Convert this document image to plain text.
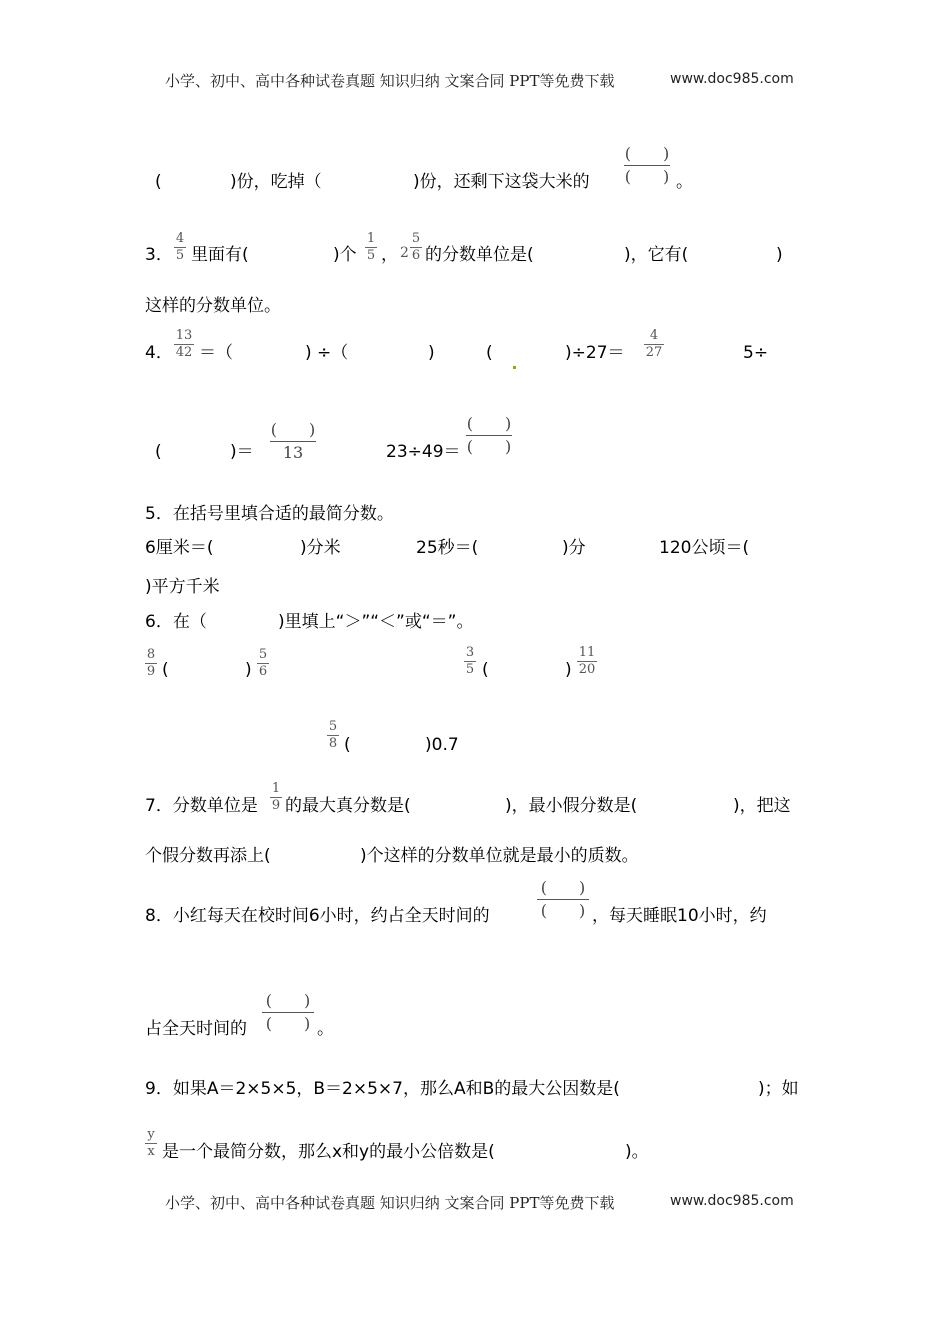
小学、初中、高中各种试卷真题 知识归纳 文案合同 PPT等免费下载	www.doc985.com
(	)份，吃掉（	)份，还剩下这袋大米的
(　　)
(　　) 。
3．
4
5 里面有(	)个
1
5 ， 2
5
6 的分数单位是(	)，它有(	)
这样的分数单位。
4．
13
42 ＝（	) ÷（	)	(	)÷27＝
4
27	5÷
(	)＝
(　　)
13	23÷49＝
(　　)
(　　)
5．在括号里填合适的最简分数。
6厘米＝(	)分米	25秒＝(	)分	120公顷＝(
)平方千米
6．在（	)里填上“＞”“＜”或“＝”。
8
9 (	)
5
6
3
5 (	)
11
20
5
8 (	)0.7
7．分数单位是
1
9 的最大真分数是(	)，最小假分数是(	)，把这
个假分数再添上(	)个这样的分数单位就是最小的质数。
8．小红每天在校时间6小时，约占全天时间的
(　　)
(　　) ，每天睡眠10小时，约
占全天时间的
(　　)
(　　) 。
9．如果A＝2×5×5，B＝2×5×7，那么A和B的最大公因数是(	)；如
y
x 是一个最简分数，那么x和y的最小公倍数是(	)。
小学、初中、高中各种试卷真题 知识归纳 文案合同 PPT等免费下载	www.doc985.com
